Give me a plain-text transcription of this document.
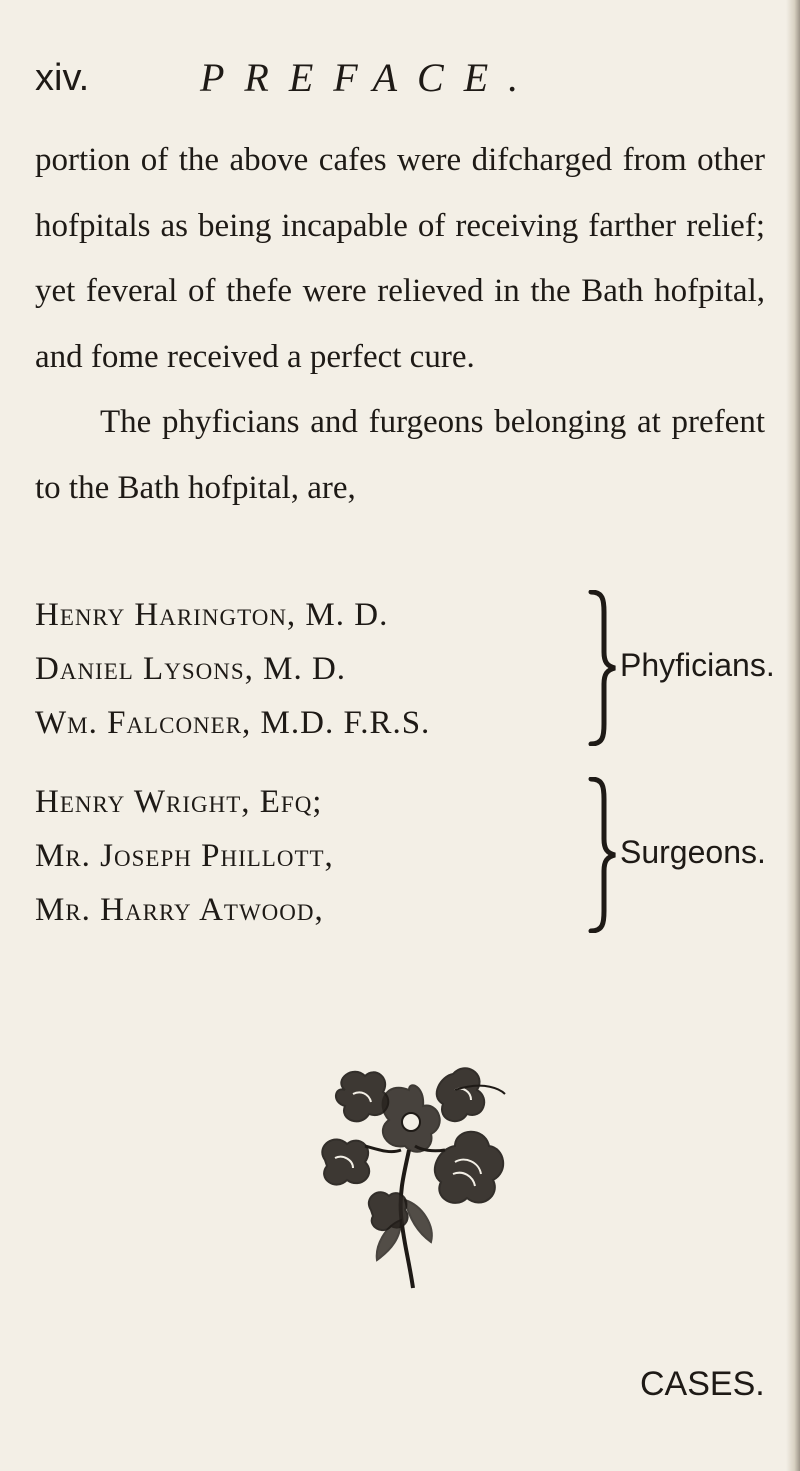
xiv.	PREFACE.

portion of the above cafes were difcharged from other hofpitals as being incapable of receiving farther relief; yet feveral of thefe were relieved in the Bath hofpital, and fome received a perfect cure.

The phyficians and furgeons belonging at prefent to the Bath hofpital, are,

Henry Harington, M. D.
Daniel Lysons, M. D.
Wm. Falconer, M.D. F.R.S.
Phyficians.
Henry Wright, Efq;
Mr. Joseph Phillott,
Mr. Harry Atwood,
Surgeons.
CASES.
